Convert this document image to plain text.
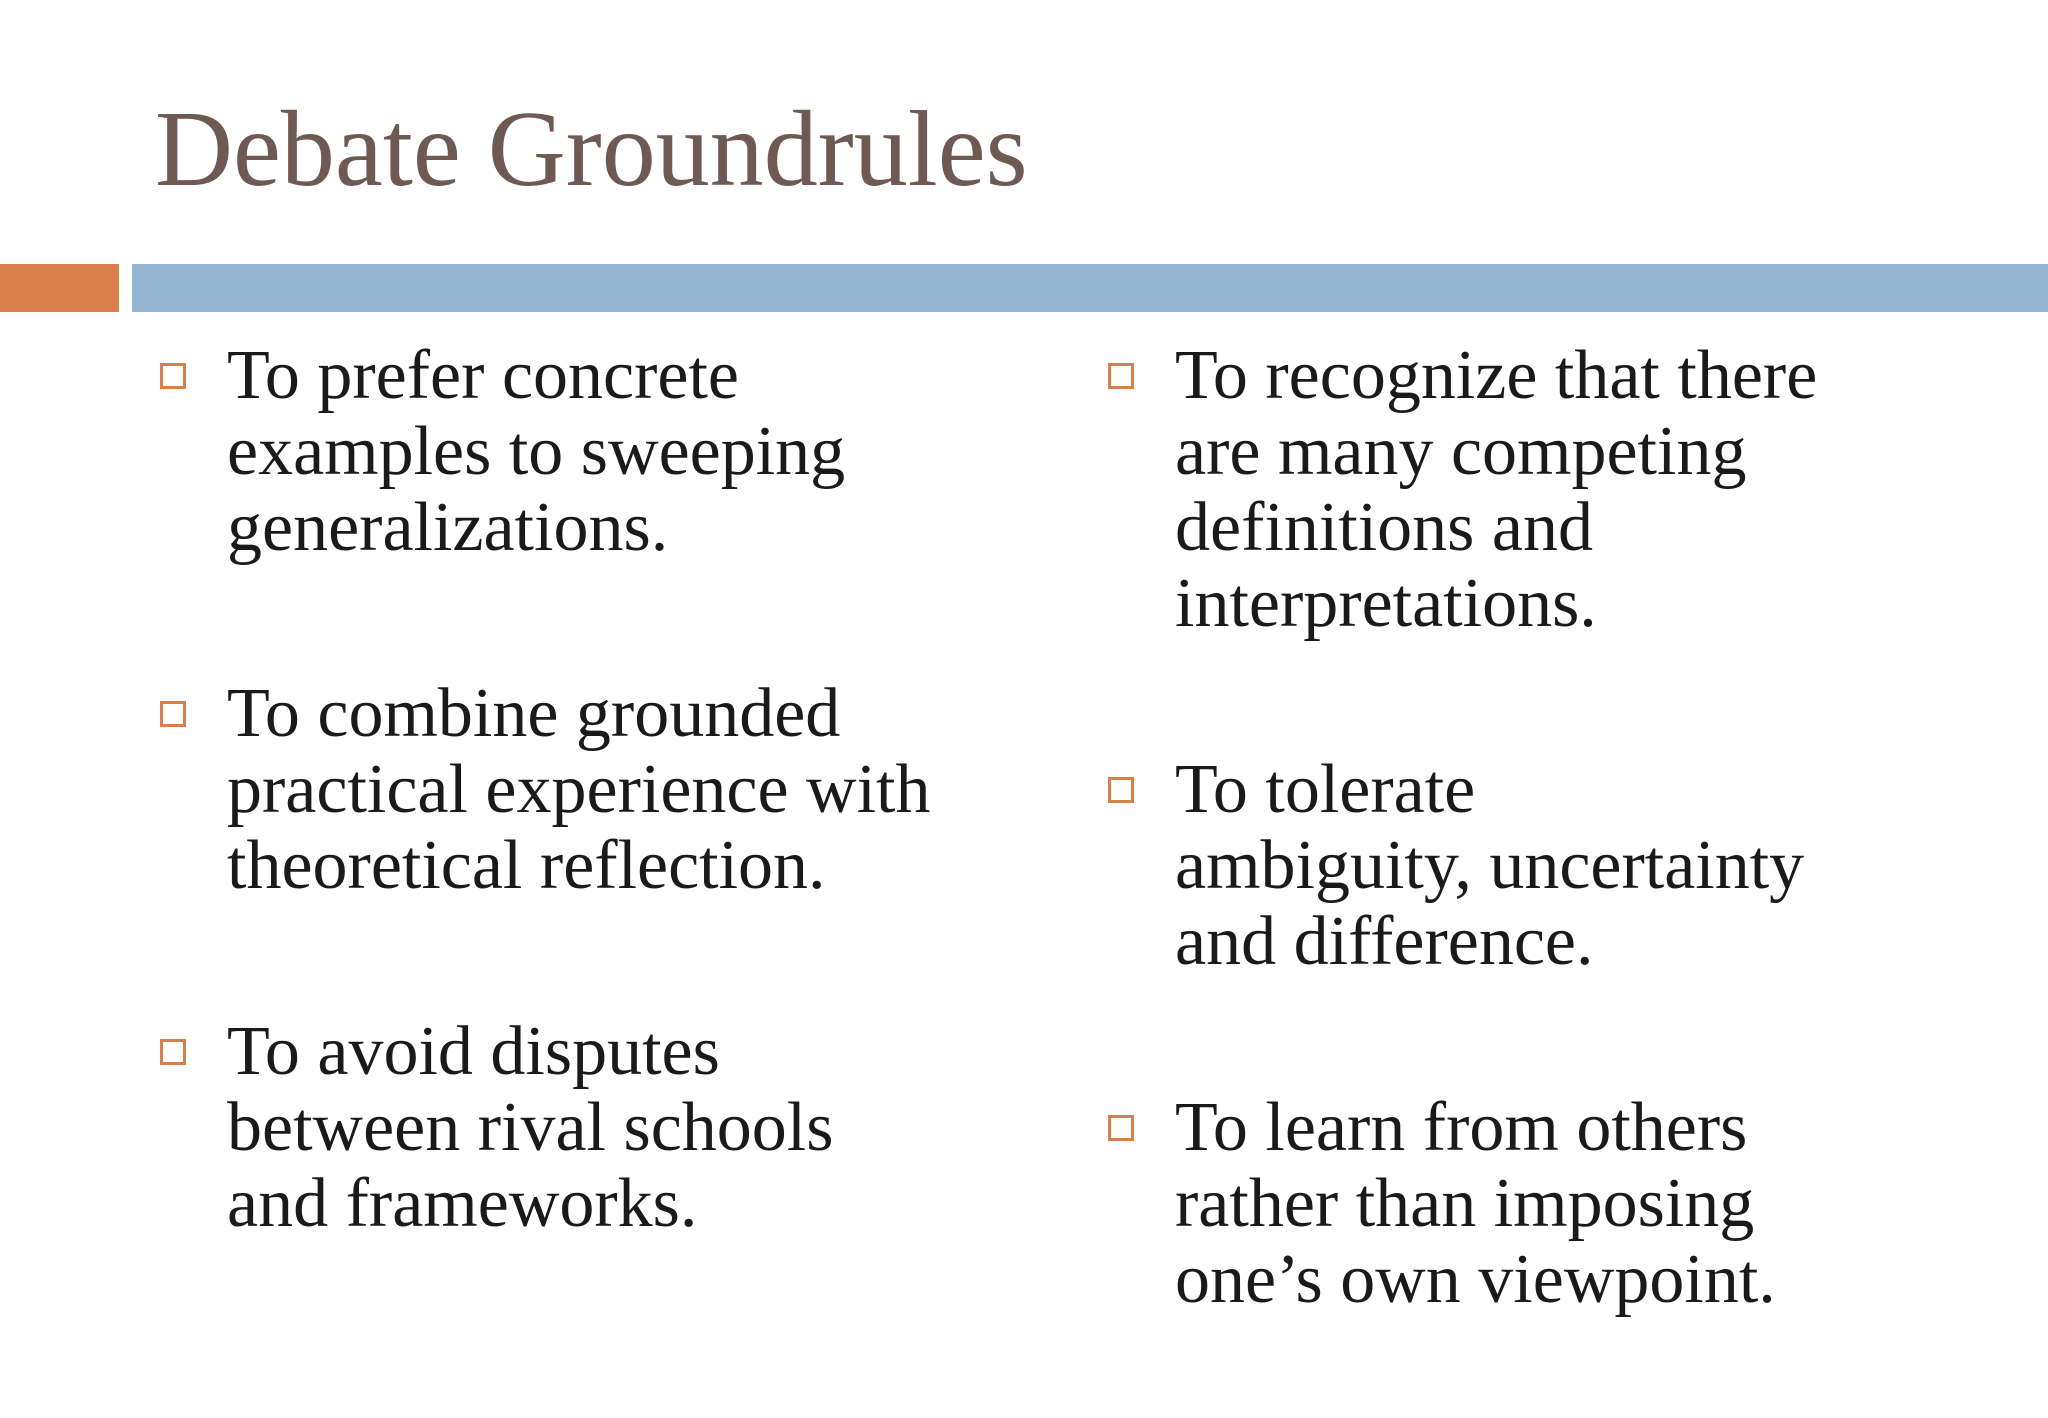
Debate Groundrules

To prefer concrete
examples to sweeping
generalizations.

To combine grounded
practical experience with
theoretical reflection.

To avoid disputes
between rival schools
and frameworks.

To recognize that there
are many competing
definitions and
interpretations.

To tolerate
ambiguity, uncertainty
and difference.

To learn from others
rather than imposing
one’s own viewpoint.
